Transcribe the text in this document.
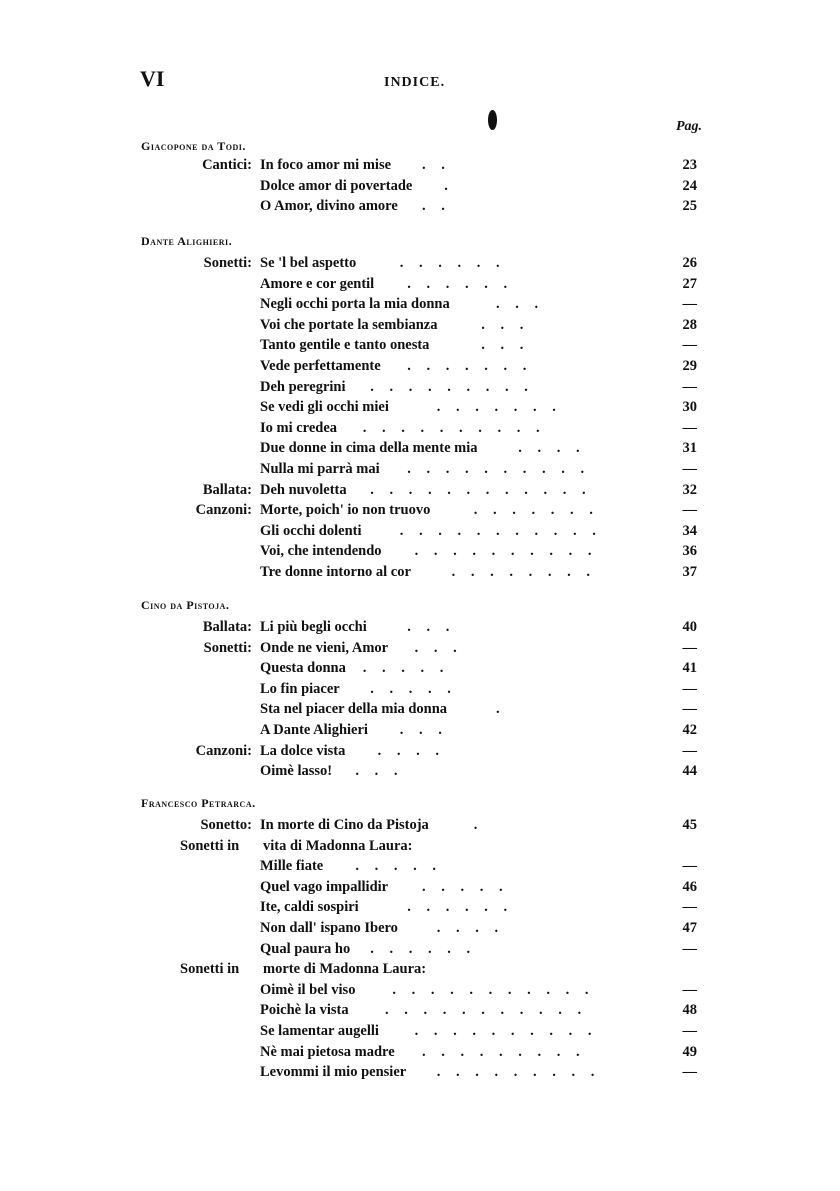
VI	INDICE.
Pag.
Giacopone da Todi.
Cantici: In foco amor mi mise . .	23
Dolce amor di povertade .	24
O Amor, divino amore . .	25
Dante Alighieri.
Sonetti: Se 'l bel aspetto	. . . . . .	26
Amore e cor gentil . . . . . .	27
Negli occhi porta la mia donna	. . .	—
Voi che portate la sembianza	. . .	28
Tanto gentile e tanto onesta	. . .	—
Vede perfettamente . . . . . . .	29
Deh peregrini . . . . . . . . .	—
Se vedi gli occhi miei	. . . . . . .	30
Io mi credea . . . . . . . . . .	—
Due donne in cima della mente mia	. . . .	31
Nulla mi parrà mai . . . . . . . . . .	—
Ballata: Deh nuvoletta . . . . . . . . . . . .	32
Canzoni: Morte, poich' io non truovo	. . . . . . .	—
Gli occhi dolenti	. . . . . . . . . . .	34
Voi, che intendendo . . . . . . . . . .	36
Tre donne intorno al cor	. . . . . . . .	37
Cino da Pistoja.
Ballata: Li più begli occhi	. . .	40
Sonetti: Onde ne vieni, Amor . . .	—
Questa donna . . . . .	41
Lo fin piacer . . . . .	—
Sta nel piacer della mia donna	.	—
A Dante Alighieri . . .	42
Canzoni: La dolce vista . . . .	—
Oimè lasso! . . .	44
Francesco Petrarca.
Sonetto: In morte di Cino da Pistoja	.	45
Sonetti in vita di Madonna Laura:
Mille fiate . . . . .	—
Quel vago impallidir . . . . .	46
Ite, caldi sospiri	. . . . . .	—
Non dall' ispano Ibero	. . . .	47
Qual paura ho . . . . . .	—
Sonetti in morte di Madonna Laura:
Oimè il bel viso	. . . . . . . . . . .	—
Poichè la vista	. . . . . . . . . . .	48
Se lamentar augelli . . . . . . . . . .	—
Nè mai pietosa madre . . . . . . . . .	49
Levommi il mio pensier . . . . . . . . .	—
